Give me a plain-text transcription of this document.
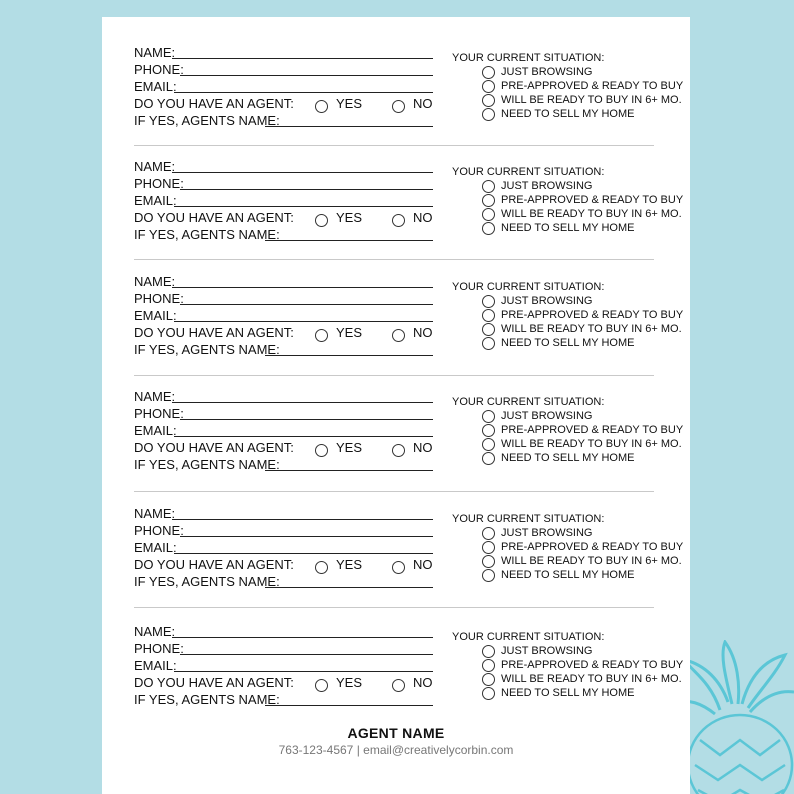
NAME:
PHONE:
EMAIL:
DO YOU HAVE AN AGENT:	YES	NO
IF YES, AGENTS NAME:
YOUR CURRENT SITUATION:
JUST BROWSING
PRE-APPROVED & READY TO BUY
WILL BE READY TO BUY IN 6+ MO.
NEED TO SELL MY HOME
NAME:
PHONE:
EMAIL:
DO YOU HAVE AN AGENT:	YES	NO
IF YES, AGENTS NAME:
YOUR CURRENT SITUATION:
JUST BROWSING
PRE-APPROVED & READY TO BUY
WILL BE READY TO BUY IN 6+ MO.
NEED TO SELL MY HOME
NAME:
PHONE:
EMAIL:
DO YOU HAVE AN AGENT:	YES	NO
IF YES, AGENTS NAME:
YOUR CURRENT SITUATION:
JUST BROWSING
PRE-APPROVED & READY TO BUY
WILL BE READY TO BUY IN 6+ MO.
NEED TO SELL MY HOME
NAME:
PHONE:
EMAIL:
DO YOU HAVE AN AGENT:	YES	NO
IF YES, AGENTS NAME:
YOUR CURRENT SITUATION:
JUST BROWSING
PRE-APPROVED & READY TO BUY
WILL BE READY TO BUY IN 6+ MO.
NEED TO SELL MY HOME
NAME:
PHONE:
EMAIL:
DO YOU HAVE AN AGENT:	YES	NO
IF YES, AGENTS NAME:
YOUR CURRENT SITUATION:
JUST BROWSING
PRE-APPROVED & READY TO BUY
WILL BE READY TO BUY IN 6+ MO.
NEED TO SELL MY HOME
NAME:
PHONE:
EMAIL:
DO YOU HAVE AN AGENT:	YES	NO
IF YES, AGENTS NAME:
YOUR CURRENT SITUATION:
JUST BROWSING
PRE-APPROVED & READY TO BUY
WILL BE READY TO BUY IN 6+ MO.
NEED TO SELL MY HOME
AGENT NAME
763-123-4567 | email@creativelycorbin.com
